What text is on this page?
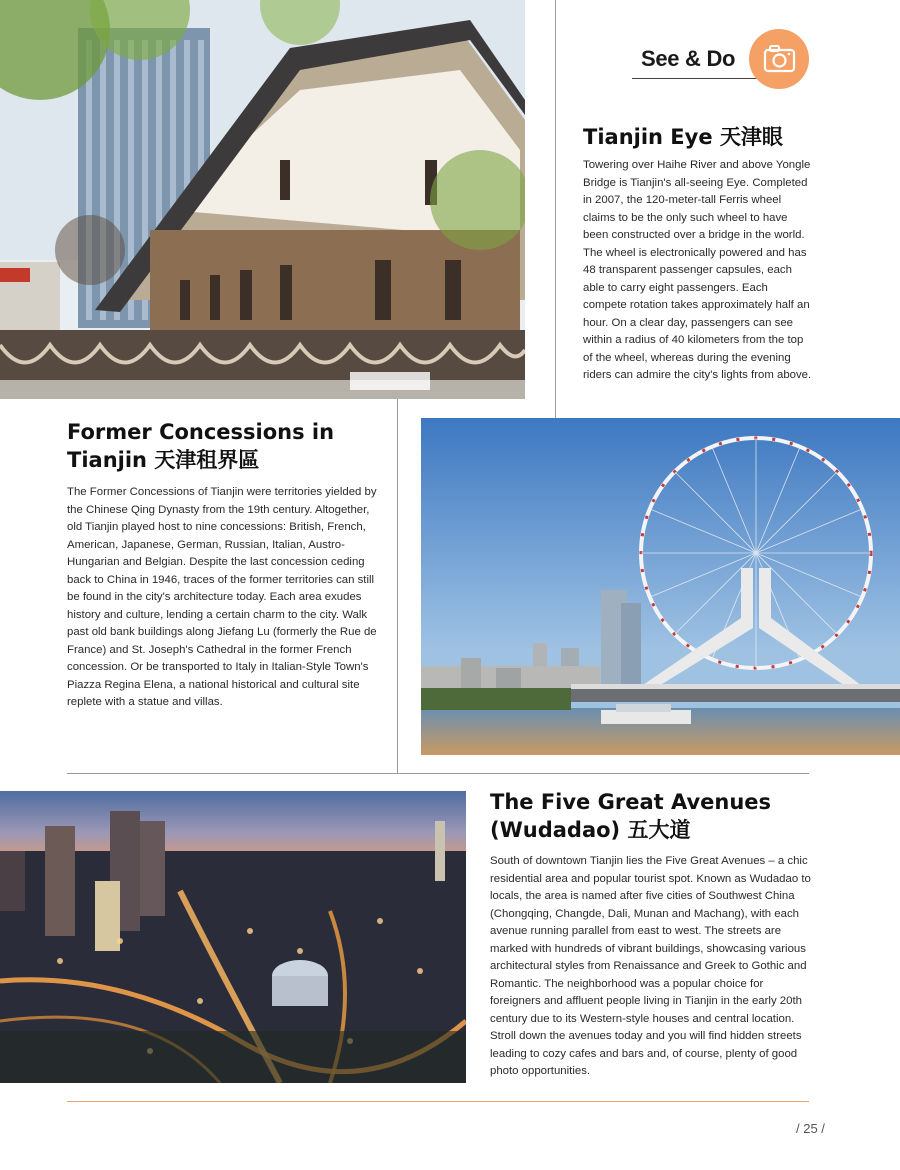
See & Do
Tianjin Eye 天津眼

Towering over Haihe River and above Yongle Bridge is Tianjin's all-seeing Eye. Completed in 2007, the 120-meter-tall Ferris wheel claims to be the only such wheel to have been constructed over a bridge in the world. The wheel is electronically powered and has 48 transparent passenger capsules, each able to carry eight passengers. Each compete rotation takes approximately half an hour. On a clear day, passengers can see within a radius of 40 kilometers from the top of the wheel, whereas during the evening riders can admire the city's lights from above.

Former Concessions in Tianjin 天津租界區

The Former Concessions of Tianjin were territories yielded by the Chinese Qing Dynasty from the 19th century. Altogether, old Tianjin played host to nine concessions: British, French, American, Japanese, German, Russian, Italian, Austro-Hungarian and Belgian. Despite the last concession ceding back to China in 1946, traces of the former territories can still be found in the city's architecture today. Each area exudes history and culture, lending a certain charm to the city. Walk past old bank buildings along Jiefang Lu (formerly the Rue de France) and St. Joseph's Cathedral in the former French concession. Or be transported to Italy in Italian-Style Town's Piazza Regina Elena, a national historical and cultural site replete with a statue and villas.

The Five Great Avenues (Wudadao) 五大道

South of downtown Tianjin lies the Five Great Avenues – a chic residential area and popular tourist spot. Known as Wudadao to locals, the area is named after five cities of Southwest China (Chongqing, Changde, Dali, Munan and Machang), with each avenue running parallel from east to west. The streets are marked with hundreds of vibrant buildings, showcasing various architectural styles from Renaissance and Greek to Gothic and Romantic. The neighborhood was a popular choice for foreigners and affluent people living in Tianjin in the early 20th century due to its Western-style houses and central location. Stroll down the avenues today and you will find hidden streets leading to cozy cafes and bars and, of course, plenty of good photo opportunities.

/ 25 /
